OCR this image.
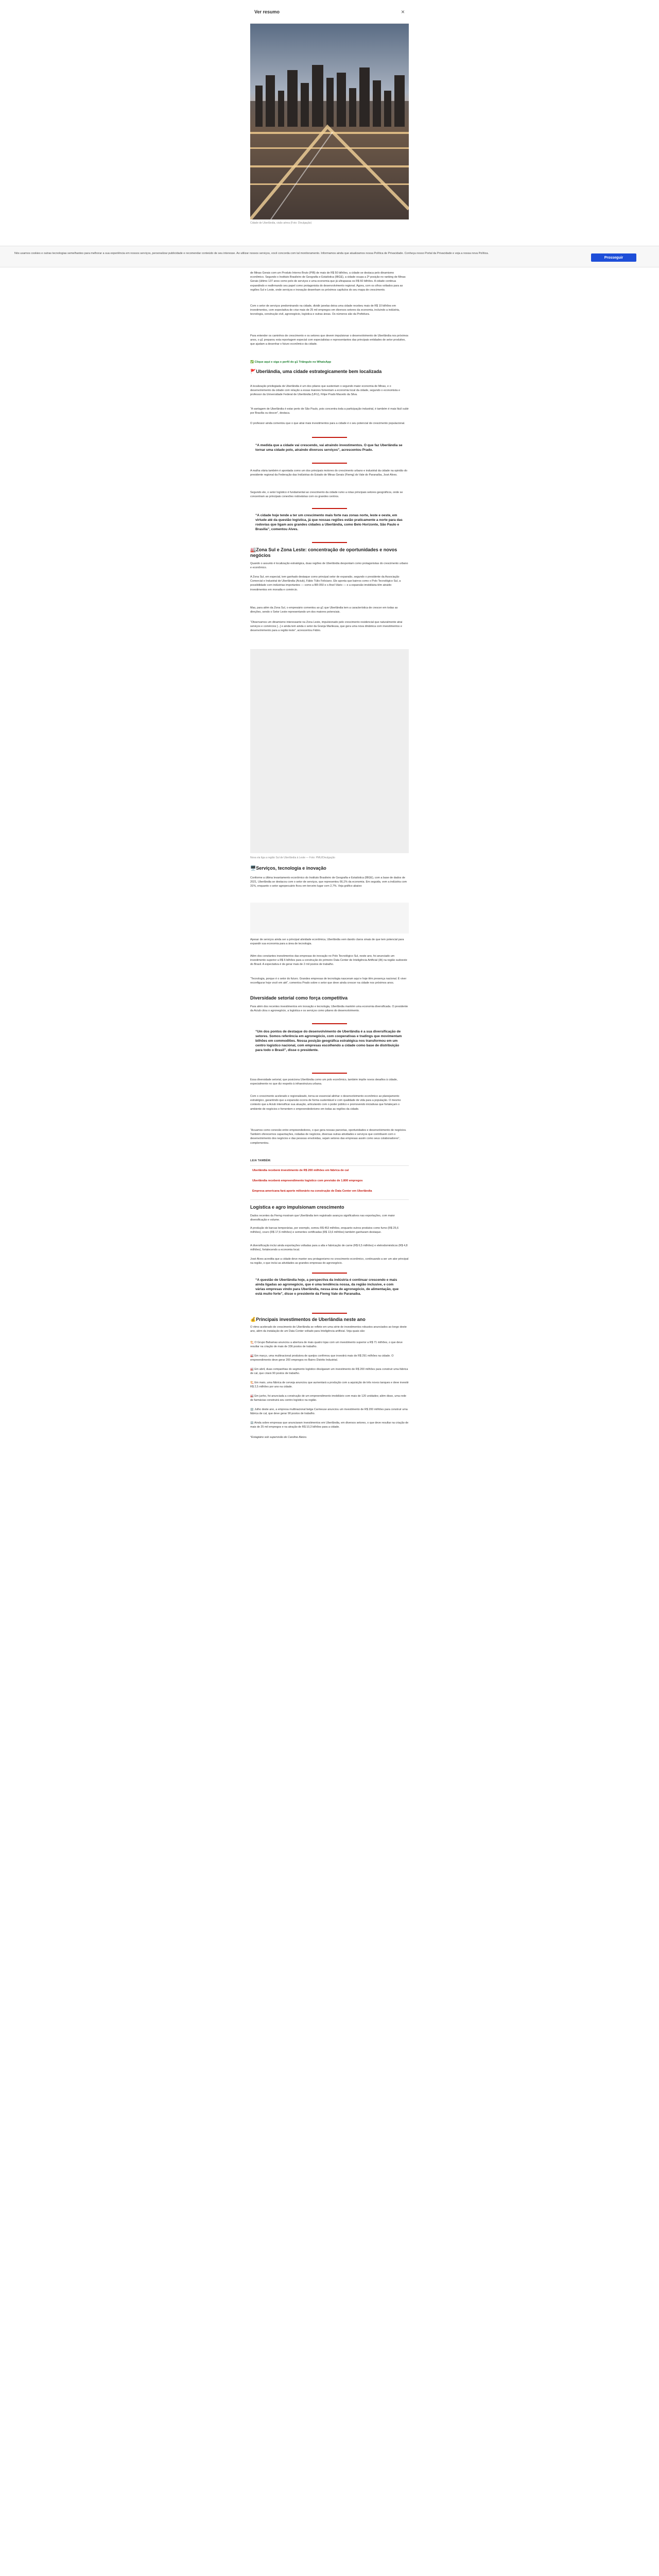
Ver resumo	×
Cidade de Uberlândia, visão aérea (Foto: Divulgação)
Nós usamos cookies e outras tecnologias semelhantes para melhorar a sua experiência em nossos serviços, personalizar publicidade e recomendar conteúdo de seu interesse. Ao utilizar nossos serviços, você concorda com tal monitoramento. Informamos ainda que atualizamos nossa Política de Privacidade. Conheça nosso Portal da Privacidade e veja a nossa nova Política.
Prosseguir

de Minas Gerais com um Produto Interno Bruto (PIB) de mais de R$ 50 bilhões, a cidade se destaca pelo dinamismo econômico. Segundo o Instituto Brasileiro de Geografia e Estatística (IBGE), a cidade ocupa a 2ª posição no ranking de Minas Gerais (último 137 anos como polo de serviços e uma economia que já ultrapassa os R$ 60 bilhões. A cidade continua expandindo e reafirmando seu papel como protagonista do desenvolvimento regional. Agora, com os olhos voltados para as regiões Sul e Leste, onde serviços e inovação desenham os próximos capítulos do seu mapa de crescimento.

Com o setor de serviços predominando na cidade, dividir janelas deixa uma cidade recebeu mais de R$ 10 bilhões em investimentos, com expectativa de criar mais de 25 mil empregos em diversos setores da economia, incluindo a indústria, tecnologia, construção civil, agronegócio, logística e outras áreas. Os números são da Prefeitura.

Para entender os caminhos de crescimento e os setores que devem impulsionar o desenvolvimento de Uberlândia nos próximos anos, o g1 preparou esta reportagem especial com especialistas e representantes das principais entidades de setor produtivo, que ajudam a desenhar o futuro econômico da cidade.

✅ Clique aqui e siga o perfil do g1 Triângulo no WhatsApp
🚩Uberlândia, uma cidade estrategicamente bem localizada

A localização privilegiada de Uberlândia é um dos pilares que sustentam o segundo maior economia de Minas, e o desenvolvimento da cidade com relação a essas maiores fomentam a economia local da cidade, segundo o economista e professor da Universidade Federal de Uberlândia (UFU), Filipe Prado Macedo da Silva.

“A vantagem de Uberlândia é estar perto de São Paulo, pois concentra toda a participação industrial, é também é mais fácil subir por Brasília ou descer”, destaca.

O professor ainda comentou que o que atrai mais investimentos para a cidade é o seu potencial de crescimento populacional.

“A medida que a cidade vai crescendo, vai atraindo investimentos. O que faz Uberlândia se tornar uma cidade polo, atraindo diversos serviços”, acrescentou Prado.

A malha viária também é apontada como um dos principais motores do crescimento urbano e industrial da cidade na opinião do presidente regional da Federação das Indústrias do Estado de Minas Gerais (Fiemg) do Vale do Paranaíba, José Alves.

Segundo ele, o setor logístico é fundamental ao crescimento da cidade rumo a rotas principais setores geográficos, onde se concentram as principais conexões rodoviárias com os grandes centros.

“A cidade hoje tende a ter um crescimento mais forte nas zonas norte, leste e oeste, em virtude até da questão logística, já que nossas regiões estão praticamente a norte para das rodovias que ligam aos grandes cidades a Uberlândia, como Belo Horizonte, São Paulo e Brasília”, comentou Alves.

🏭Zona Sul e Zona Leste: concentração de oportunidades e novos negócios

Quando o assunto é localização estratégica, duas regiões de Uberlândia despontam como protagonistas do crescimento urbano e econômico.

A Zona Sul, em especial, tem ganhado destaque como principal setor de expansão, segundo o presidente da Associação Comercial e Industrial de Uberlândia (Aciub), Fábio Túlio Feliciano. Ele aponta que bairros como o Polo Tecnológico Sul, a possibilidade com indústrias importantes — como a BR-050 e o Anel Viário — e a expansão imobiliária têm atraído investimentos em moradia e comércio.

Mas, para além da Zona Sul, o empresário comentou ao g1 que Uberlândia tem a característica de crescer em todas as direções, sendo o Setor Leste representando um dos maiores potenciais.

“Observamos um dinamismo interessante na Zona Leste, impulsionado pelo crescimento residencial que naturalmente atrai serviços e comércios [...] e ainda tem ainda o setor da Granja Marileusa, que gera uma nova dinâmica com investimentos e desenvolvimento para a região leste”, acrescentou Fábio.

Nova via liga a região Sul de Uberlândia à Leste — Foto: PMU/Divulgação
🖥️Serviços, tecnologia e inovação

Conforme a última levantamento econômico do Instituto Brasileiro de Geografia e Estatística (IBGE), com a base de dados de 2021, Uberlândia se destacou com o setor de serviços, que representou 66,1% da economia. Em seguida, vem a indústria com 31%, enquanto o setor agropecuário ficou em terceiro lugar com 2,7%. Veja gráfico abaixo:

Apesar de serviços ainda ser a principal atividade econômica, Uberlândia vem dando claros sinais de que tem potencial para expandir sua economia para a área de tecnologia.

Além dos constantes investimentos das empresas de inovação no Polo Tecnológico Sul, neste ano, foi anunciado um investimento superior a R$ 6 bilhões para a construção do primeiro Data Center de Inteligência Artificial (IA) na região sudoeste do Brasil. A expectativa é de gerar mais de 2 mil postos de trabalho.

“Tecnologia, porque é o setor do futuro. Grandes empresas de tecnologia nasceram aqui e hoje têm presença nacional. É viver reconfigurar hoje você em até”, comentou Prado sobre o setor que deve ainda crescer na cidade nos próximos anos.

Diversidade setorial como força competitiva

Para além dos recentes investimentos em inovação e tecnologia, Uberlândia mantém uma economia diversificada. O presidente da Aciub citou o agronegócio, a logística e os serviços como pilares do desenvolvimento.

“Um dos pontos de destaque do desenvolvimento de Uberlândia é a sua diversificação de setores. Somos referência em agronegócio, com cooperativas e tradings que movimentam bilhões em commodities. Nossa posição geográfica estratégica nos transformou em um centro logístico nacional, com empresas escolhendo a cidade como base de distribuição para todo o Brasil”, disse o presidente.

Essa diversidade setorial, que posiciona Uberlândia como um polo econômico, também impõe novos desafios à cidade, especialmente no que diz respeito à infraestrutura urbana.

Com o crescimento acelerado e regionalizado, torna-se essencial alinhar o desenvolvimento econômico ao planejamento estratégico, garantindo que a expansão ocorra de forma sustentável e com qualidade de vida para a população. O mesmo contexto que a Aciub intensificar sua atuação, articulando com o poder público e promovendo iniciativas que fortaleçam o ambiente de negócios e fomentem o empreendedorismo em todas as regiões da cidade.

“Acuamos como conexão entre empreendedores, o que gera nossas parcerias, oportunidades e desenvolvimento de negócios. Também oferecemos capacitações, rodadas de negócios, diversas outras atividades e serviços que contribuem com o desenvolvimento dos negócios e das pessoas envolvidas, sejam setores das empresas assim como seus colaboradores”, complementou.

LEIA TAMBÉM:
Uberlândia receberá investimento de R$ 200 milhões em fábrica de cal
Uberlândia receberá empreendimento logístico com previsão de 1.800 empregos
Empresa americana fará aporte milionário na construção de Data Center em Uberlândia
Logística e agro impulsionam crescimento

Dados recentes da Fiemg mostram que Uberlândia tem registrado avanços significativos nas exportações, com maior diversificação e volume.

A produção de barcas temporárias, por exemplo, somou R$ 453 milhões, enquanto outros produtos como fumo (R$ 25,6 milhões), couro (R$ 17,6 milhões) e sementes certificadas (R$ 13,6 milhões) também ganharam destaque.

A diversificação inclui ainda exportações voltadas para a alta e fabricação de carne (R$ 6,5 milhões) e eletrodomésticos (R$ 4,8 milhões), fortalecendo a economia local.

José Alves acredita que a cidade deve manter seu protagonismo no crescimento econômico, continuando a ser um ator principal na região, o que inclui as atividades as grandes empresas do agronegócio.

“A questão de Uberlândia hoje, a perspectiva da indústria é continuar crescendo e mais ainda ligadas ao agronegócio, que é uma tendência nossa, da região inclusive, e com várias empresas vindo para Uberlândia, nessa área de agronegócio, de alimentação, que está muito forte”, disse o presidente da Fiemg Vale do Paranaíba.

💰Principais investimentos de Uberlândia neste ano

O ritmo acelerado de crescimento de Uberlândia se reflete em uma série de investimentos robustos anunciados ao longo deste ano, além da instalação de um Data Center voltado para Inteligência artificial. Veja quais são:

🏗️ O Grupo Bahamas anunciou a abertura de mais quatro lojas com um investimento superior a R$ 71 milhões, o que deve resultar na criação de mais de 336 postos de trabalho.

🏭 Em março, uma multinacional produtora de queijos confirmou que investirá mais de R$ 291 milhões na cidade. O empreendimento deve gerar 200 empregos no Bairro Distrito Industrial.

🏭 Em abril, duas companhias do segmento logístico divulgaram um investimento de R$ 200 milhões para construir uma fábrica de cal, que criará 90 postos de trabalho.

🏗️ Em maio, uma fábrica de cerveja anunciou que aumentará a produção com a aquisição de três novos tanques e deve investir R$ 2,5 milhões por ano na cidade.

🏭 Em junho, foi anunciada a construção de um empreendimento imobiliário com mais de 120 unidades; além disso, uma rede de farmácias construirá seu centro logístico na região.

🏢 Julho deste ano, a empresa multinacional belga Carmeuse anunciou um investimento de R$ 200 milhões para construir uma fábrica de cal, que deve gerar 90 postos de trabalho.

🏢 Ainda sobre empresas que anunciaram investimentos em Uberlândia, em diversos setores, o que deve resultar na criação de mais de 25 mil empregos e na atração de R$ 10,3 bilhões para a cidade.

*Estagiário sob supervisão de Caroline Aleixo.
